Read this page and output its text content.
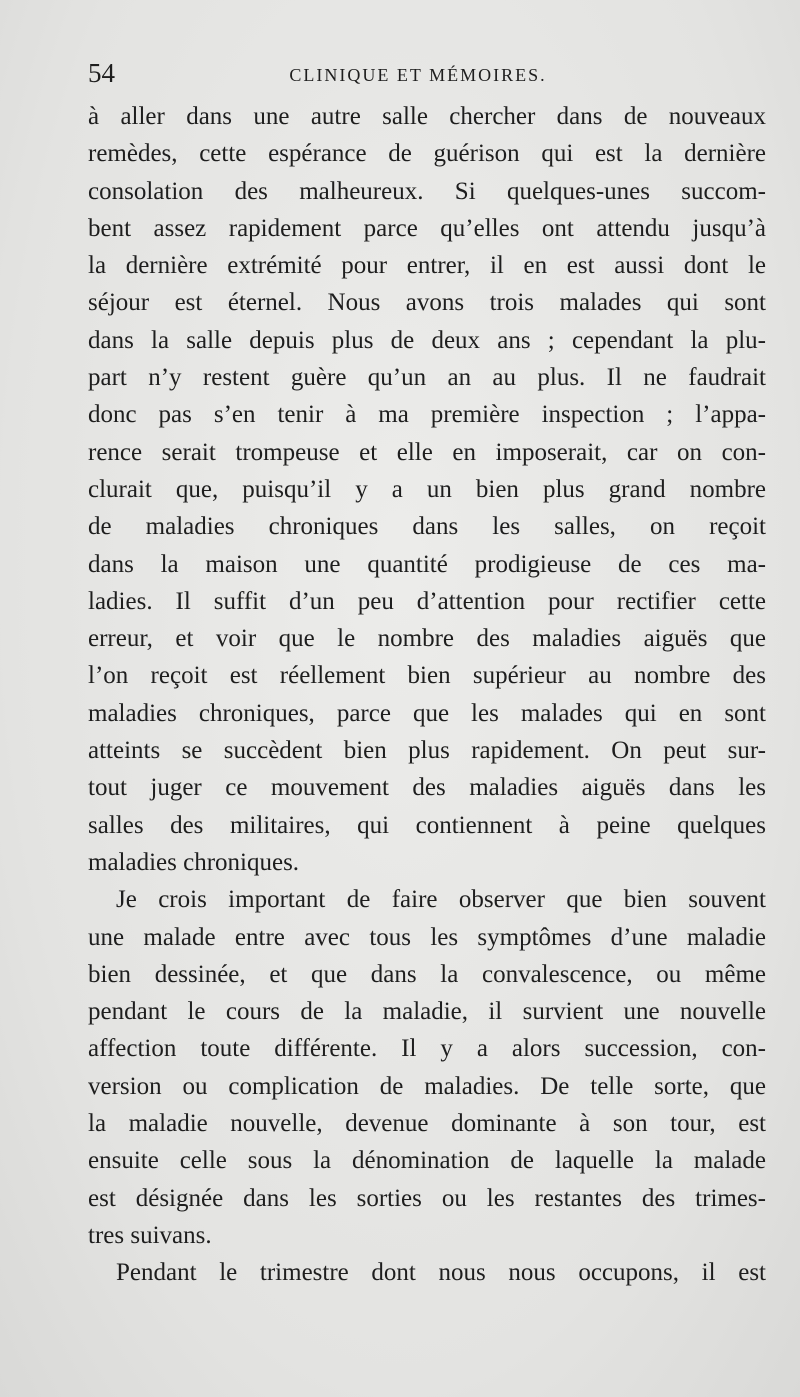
54	CLINIQUE ET MÉMOIRES.
à aller dans une autre salle chercher dans de nouveaux
remèdes, cette espérance de guérison qui est la dernière
consolation des malheureux. Si quelques-unes succom-
bent assez rapidement parce qu’elles ont attendu jusqu’à
la dernière extrémité pour entrer, il en est aussi dont le
séjour est éternel. Nous avons trois malades qui sont
dans la salle depuis plus de deux ans ; cependant la plu-
part n’y restent guère qu’un an au plus. Il ne faudrait
donc pas s’en tenir à ma première inspection ; l’appa-
rence serait trompeuse et elle en imposerait, car on con-
clurait que, puisqu’il y a un bien plus grand nombre
de maladies chroniques dans les salles, on reçoit
dans la maison une quantité prodigieuse de ces ma-
ladies. Il suffit d’un peu d’attention pour rectifier cette
erreur, et voir que le nombre des maladies aiguës que
l’on reçoit est réellement bien supérieur au nombre des
maladies chroniques, parce que les malades qui en sont
atteints se succèdent bien plus rapidement. On peut sur-
tout juger ce mouvement des maladies aiguës dans les
salles des militaires, qui contiennent à peine quelques
maladies chroniques.
Je crois important de faire observer que bien souvent
une malade entre avec tous les symptômes d’une maladie
bien dessinée, et que dans la convalescence, ou même
pendant le cours de la maladie, il survient une nouvelle
affection toute différente. Il y a alors succession, con-
version ou complication de maladies. De telle sorte, que
la maladie nouvelle, devenue dominante à son tour, est
ensuite celle sous la dénomination de laquelle la malade
est désignée dans les sorties ou les restantes des trimes-
tres suivans.
Pendant le trimestre dont nous nous occupons, il est
